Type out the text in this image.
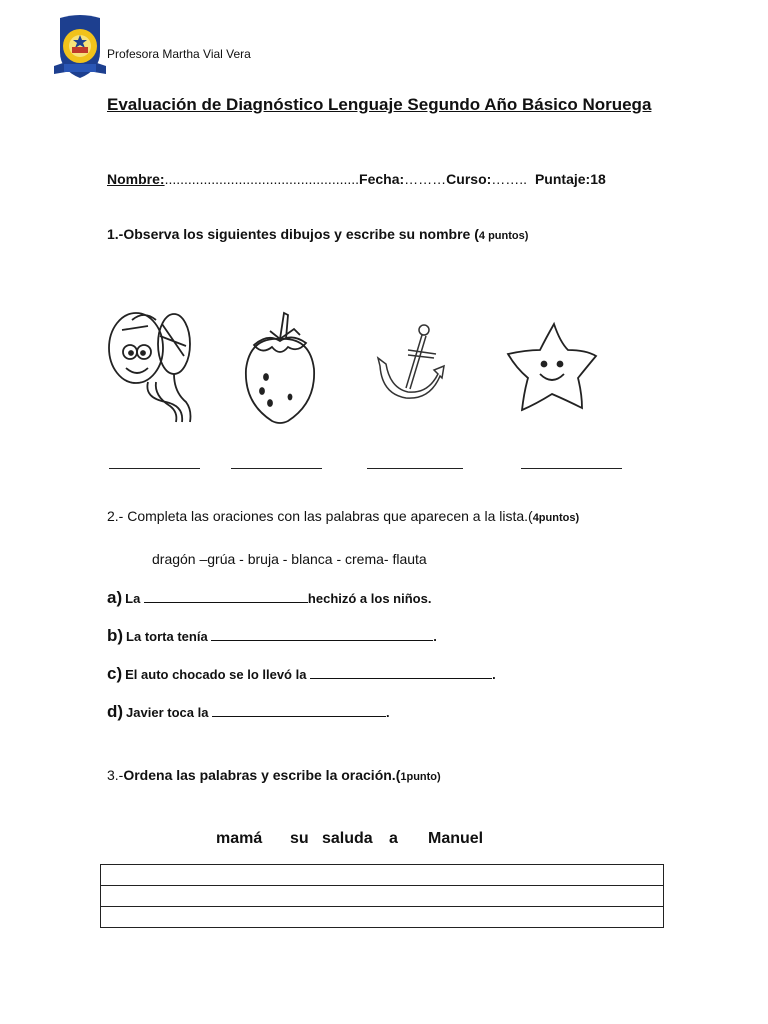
Profesora Martha Vial Vera
Evaluación de Diagnóstico Lenguaje Segundo Año Básico Noruega
Nombre:..................................................Fecha:………Curso:…….. Puntaje:18
1.-Observa los siguientes dibujos y escribe su nombre (4 puntos)
2.- Completa las oraciones con las palabras que aparecen a la lista.(4puntos)
dragón –grúa - bruja - blanca - crema- flauta
a) La	hechizó a los niños.
b) La torta tenía	.
c) El auto chocado se lo llevó la	.
d) Javier toca la	.
3.-Ordena las palabras y escribe la oración.(1punto)
mamá su saluda a Manuel
